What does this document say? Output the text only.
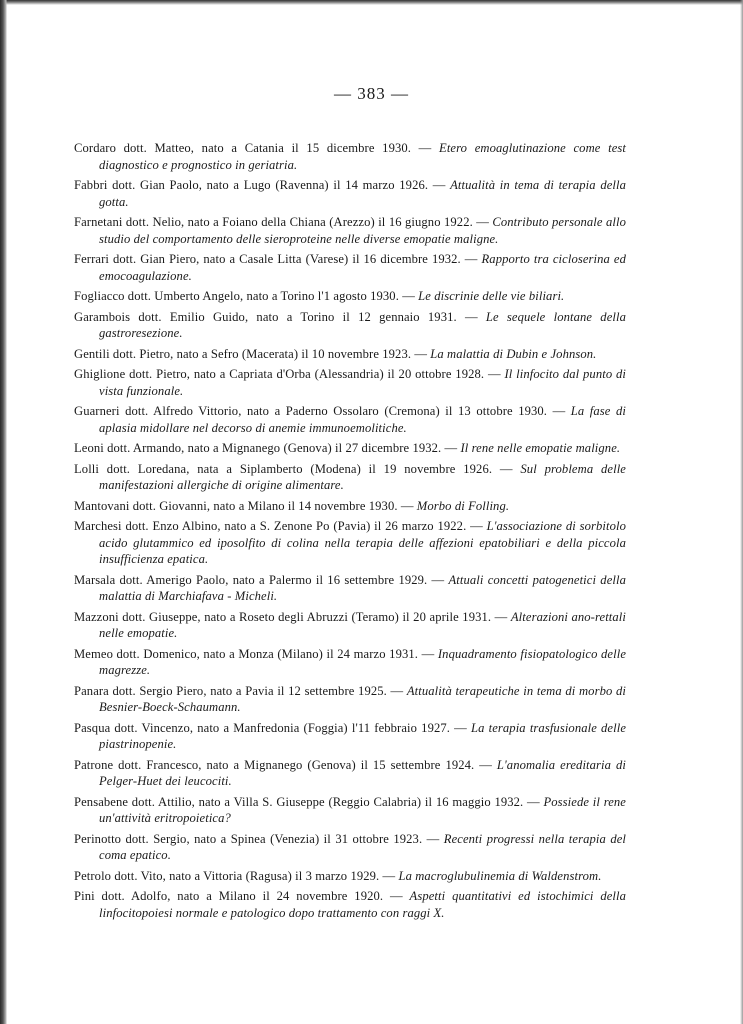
— 383 —

Cordaro dott. Matteo, nato a Catania il 15 dicembre 1930. — Etero emoaglutinazione come test diagnostico e prognostico in geriatria.

Fabbri dott. Gian Paolo, nato a Lugo (Ravenna) il 14 marzo 1926. — Attualità in tema di terapia della gotta.

Farnetani dott. Nelio, nato a Foiano della Chiana (Arezzo) il 16 giugno 1922. — Contributo personale allo studio del comportamento delle sieroproteine nelle diverse emopatie maligne.

Ferrari dott. Gian Piero, nato a Casale Litta (Varese) il 16 dicembre 1932. — Rapporto tra cicloserina ed emocoagulazione.

Fogliacco dott. Umberto Angelo, nato a Torino l'1 agosto 1930. — Le discrinie delle vie biliari.

Garambois dott. Emilio Guido, nato a Torino il 12 gennaio 1931. — Le sequele lontane della gastroresezione.

Gentili dott. Pietro, nato a Sefro (Macerata) il 10 novembre 1923. — La malattia di Dubin e Johnson.

Ghiglione dott. Pietro, nato a Capriata d'Orba (Alessandria) il 20 ottobre 1928. — Il linfocito dal punto di vista funzionale.

Guarneri dott. Alfredo Vittorio, nato a Paderno Ossolaro (Cremona) il 13 ottobre 1930. — La fase di aplasia midollare nel decorso di anemie immunoemolitiche.

Leoni dott. Armando, nato a Mignanego (Genova) il 27 dicembre 1932. — Il rene nelle emopatie maligne.

Lolli dott. Loredana, nata a Siplamberto (Modena) il 19 novembre 1926. — Sul problema delle manifestazioni allergiche di origine alimentare.

Mantovani dott. Giovanni, nato a Milano il 14 novembre 1930. — Morbo di Folling.

Marchesi dott. Enzo Albino, nato a S. Zenone Po (Pavia) il 26 marzo 1922. — L'associazione di sorbitolo acido glutammico ed iposolfito di colina nella terapia delle affezioni epatobiliari e della piccola insufficienza epatica.

Marsala dott. Amerigo Paolo, nato a Palermo il 16 settembre 1929. — Attuali concetti patogenetici della malattia di Marchiafava - Micheli.

Mazzoni dott. Giuseppe, nato a Roseto degli Abruzzi (Teramo) il 20 aprile 1931. — Alterazioni ano-rettali nelle emopatie.

Memeo dott. Domenico, nato a Monza (Milano) il 24 marzo 1931. — Inquadramento fisiopatologico delle magrezze.

Panara dott. Sergio Piero, nato a Pavia il 12 settembre 1925. — Attualità terapeutiche in tema di morbo di Besnier-Boeck-Schaumann.

Pasqua dott. Vincenzo, nato a Manfredonia (Foggia) l'11 febbraio 1927. — La terapia trasfusionale delle piastrinopenie.

Patrone dott. Francesco, nato a Mignanego (Genova) il 15 settembre 1924. — L'anomalia ereditaria di Pelger-Huet dei leucociti.

Pensabene dott. Attilio, nato a Villa S. Giuseppe (Reggio Calabria) il 16 maggio 1932. — Possiede il rene un'attività eritropoietica?

Perinotto dott. Sergio, nato a Spinea (Venezia) il 31 ottobre 1923. — Recenti progressi nella terapia del coma epatico.

Petrolo dott. Vito, nato a Vittoria (Ragusa) il 3 marzo 1929. — La macroglubulinemia di Waldenstrom.

Pini dott. Adolfo, nato a Milano il 24 novembre 1920. — Aspetti quantitativi ed istochimici della linfocitopoiesi normale e patologico dopo trattamento con raggi X.
